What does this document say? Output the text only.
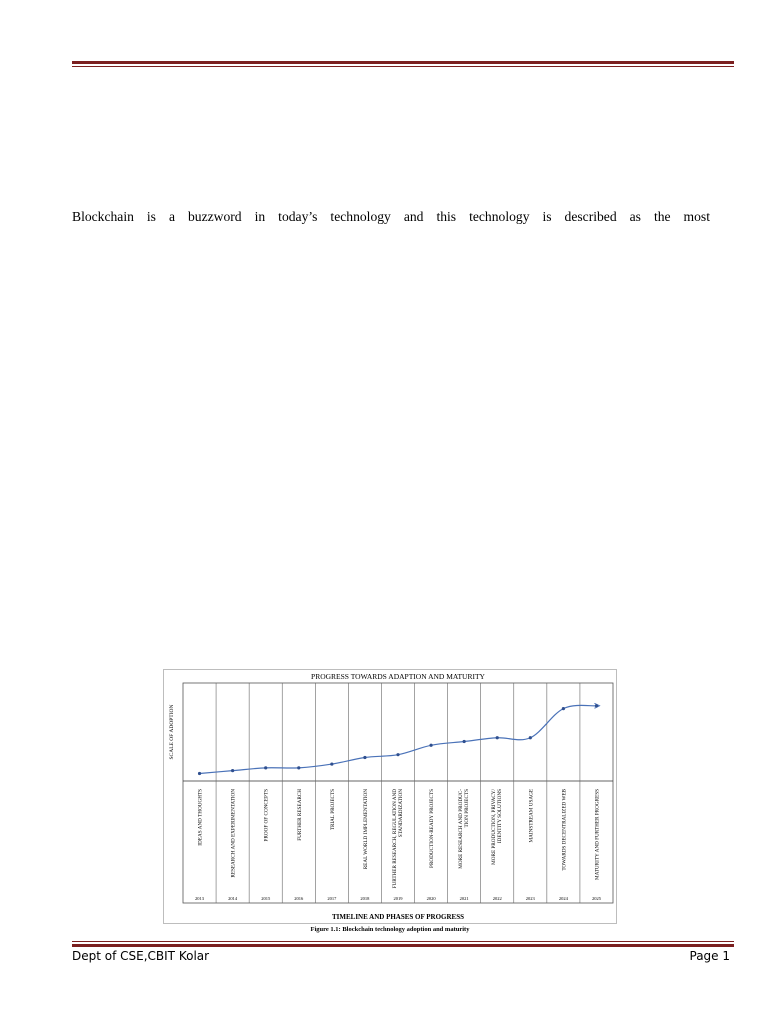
Blockchain is a buzzword in today’s technology and this technology is described as the most
PROGRESS TOWARDS ADAPTION AND MATURITY
SCALE OF ADOPTION
IDEAS AND THOUGHTS	RESEARCH AND EXPERIMENTATION	PROOF OF CONCEPTS	FURTHER RESEARCH	TRIAL PROJECTS	REAL WORLD IMPLEMENTATION	FURTHER RESEARCH, REGULATION ANDSTANDARDIZATION	PRODUCTION-READY PROJECTS	MORE RESEARCH AND PRODUC-TION PROJECTS	MORE PRODUCTION, PRIVACY/IDENTITY SOLUTIONS	MAINSTREAM USAGE	TOWARDS DECENTRALIZED WEB	MATURITY AND FURTHER PROGRESS
2013	2014	2015	2016	2017	2018	2019	2020	2021	2022	2023	2024	2025
TIMELINE AND PHASES OF PROGRESS
Figure 1.1: Blockchain technology adoption and maturity
Dept of CSE,CBIT Kolar	Page 1
